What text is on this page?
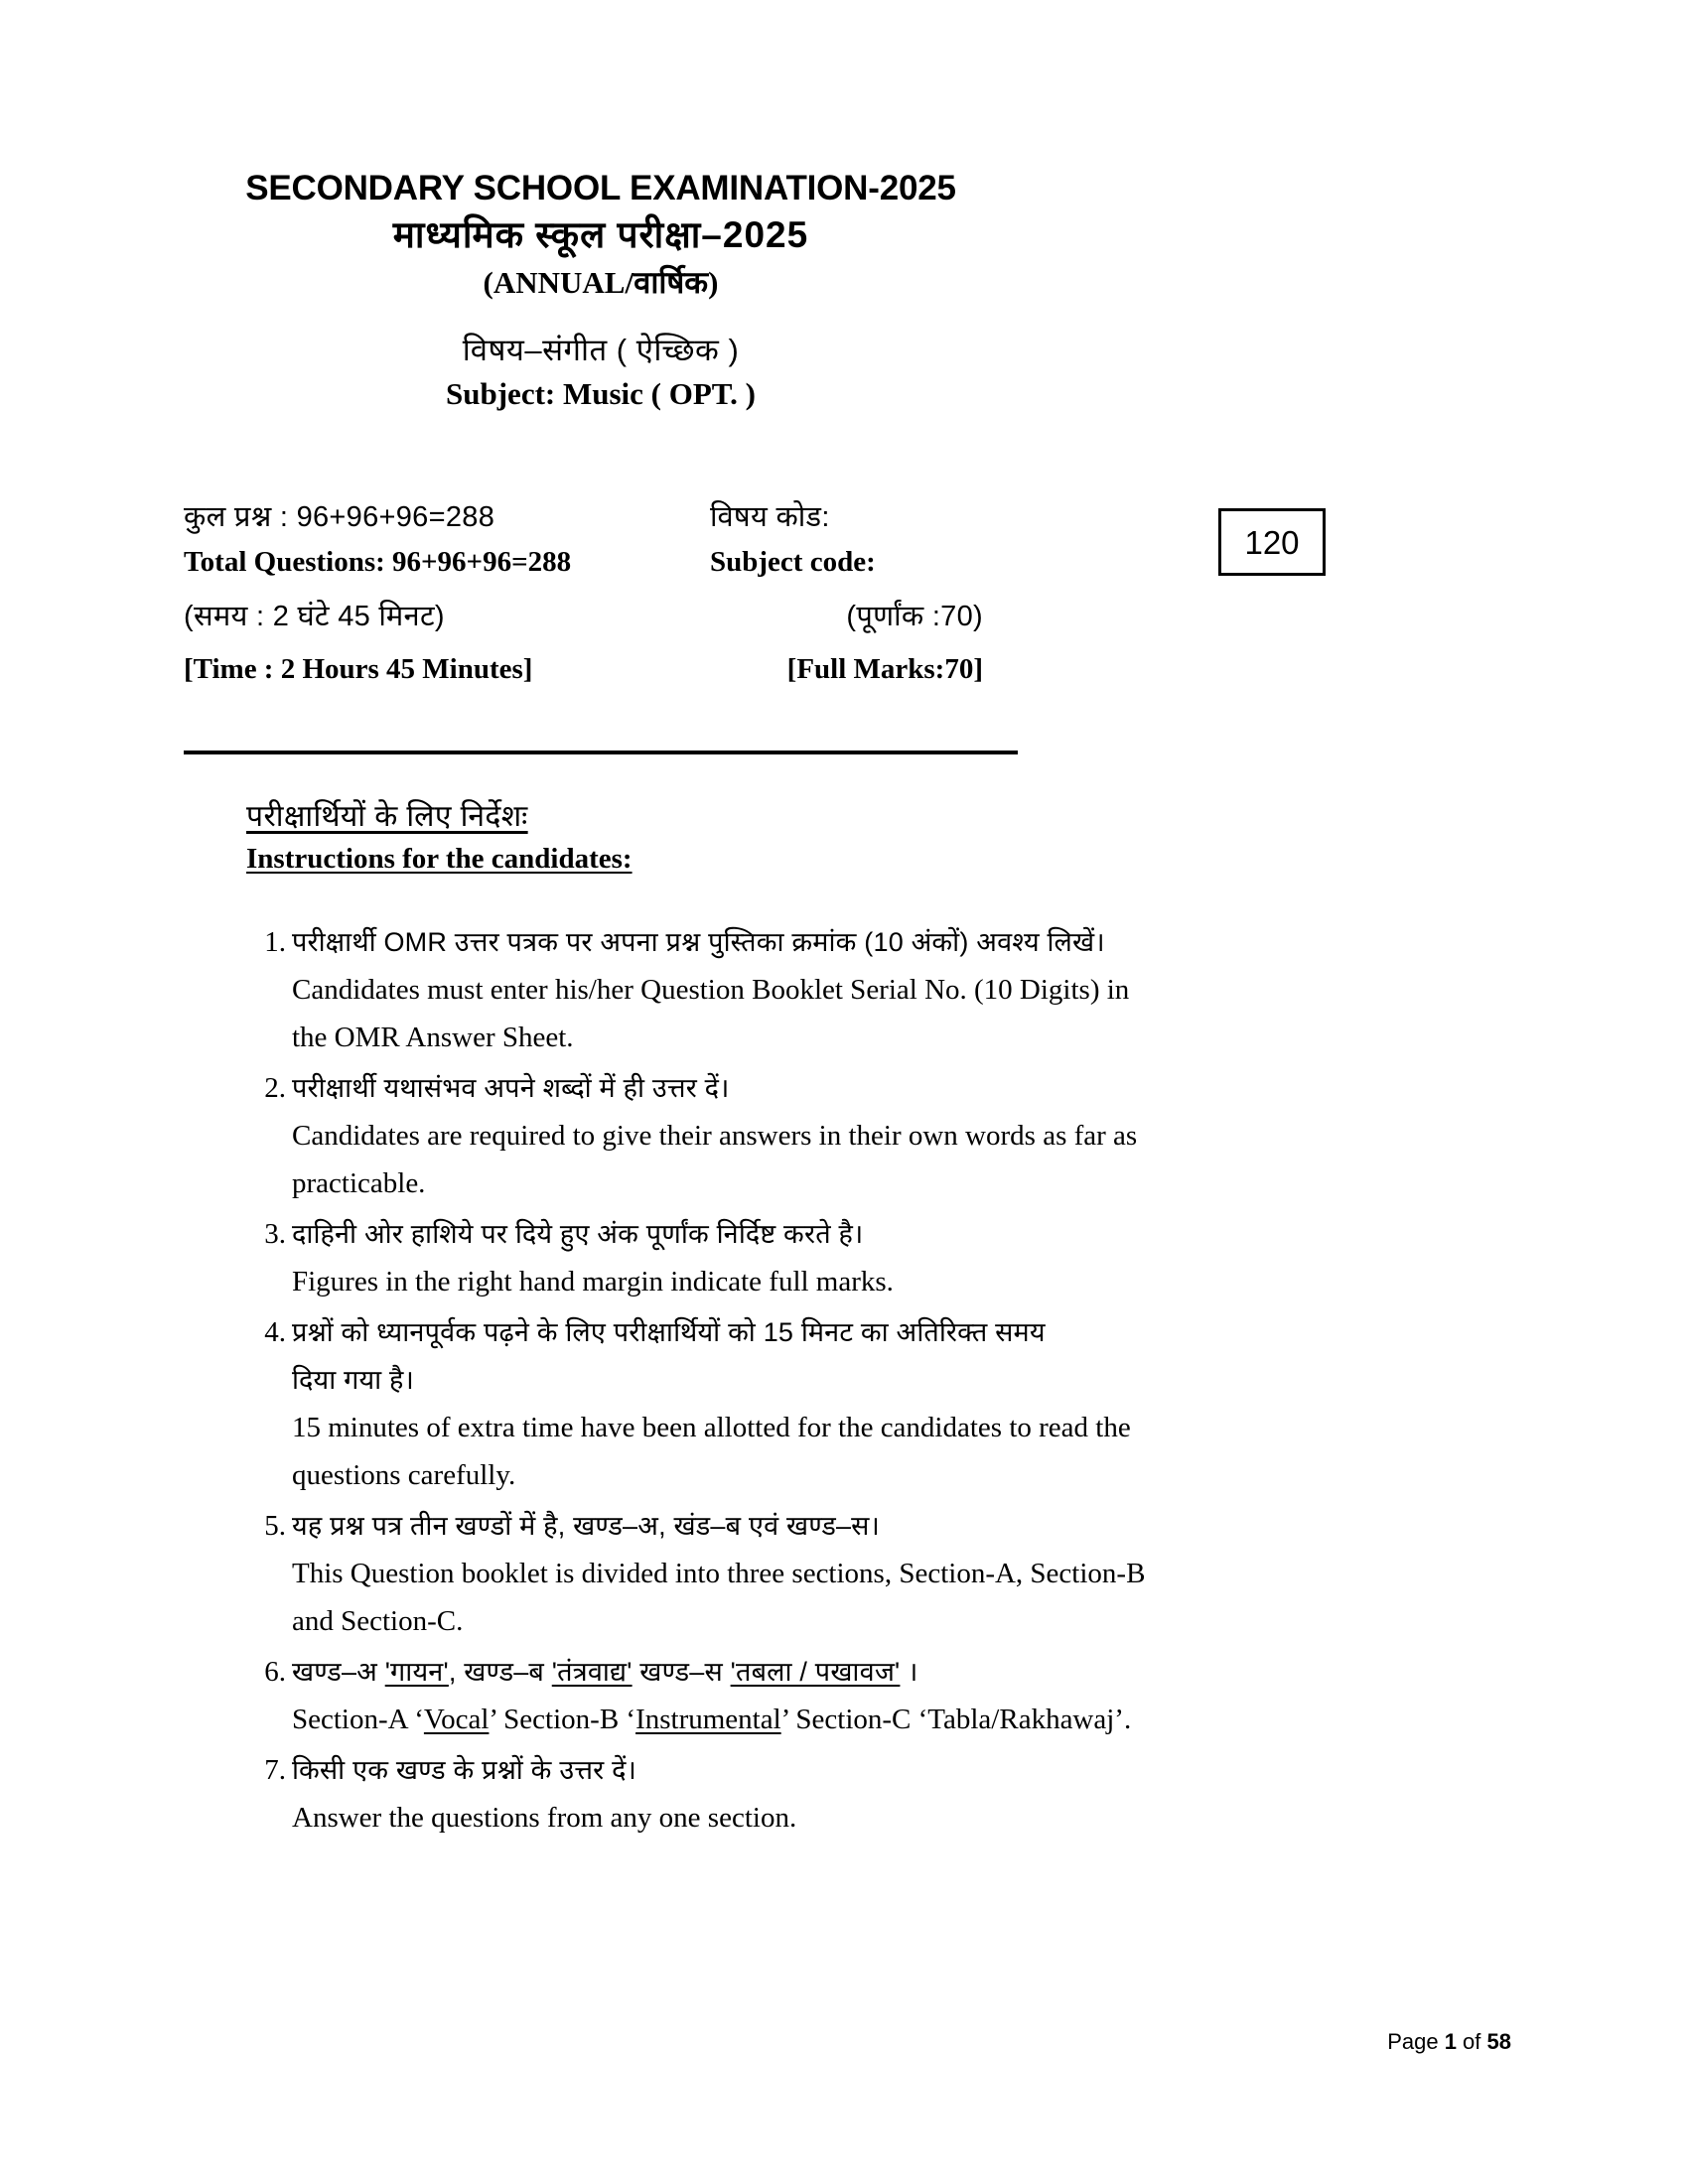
SECONDARY SCHOOL EXAMINATION-2025
माध्यमिक स्कूल परीक्षा–2025
(ANNUAL/वार्षिक)
विषय–संगीत ( ऐच्छिक )
Subject: Music ( OPT. )
कुल प्रश्न : 96+96+96=288	विषय कोड:
Total Questions: 96+96+96=288	Subject code:
(समय : 2 घंटे 45 मिनट)	(पूर्णांक :70)
[Time : 2 Hours 45 Minutes]	[Full Marks:70]
120
परीक्षार्थियों के लिए निर्देशः
Instructions for the candidates:
1. परीक्षार्थी OMR उत्तर पत्रक पर अपना प्रश्न पुस्तिका क्रमांक (10 अंकों) अवश्य लिखें।
Candidates must enter his/her Question Booklet Serial No. (10 Digits) in
the OMR Answer Sheet.
2. परीक्षार्थी यथासंभव अपने शब्दों में ही उत्तर दें।
Candidates are required to give their answers in their own words as far as
practicable.
3. दाहिनी ओर हाशिये पर दिये हुए अंक पूर्णांक निर्दिष्ट करते है।
Figures in the right hand margin indicate full marks.
4. प्रश्नों को ध्यानपूर्वक पढ़ने के लिए परीक्षार्थियों को 15 मिनट का अतिरिक्त समय
दिया गया है।
15 minutes of extra time have been allotted for the candidates to read the
questions carefully.
5. यह प्रश्न पत्र तीन खण्डों में है, खण्ड–अ, खंड–ब एवं खण्ड–स।
This Question booklet is divided into three sections, Section-A, Section-B
and Section-C.
6. खण्ड–अ 'गायन', खण्ड–ब 'तंत्रवाद्य' खण्ड–स 'तबला / पखावज' ।
Section-A ‘Vocal’ Section-B ‘Instrumental’ Section-C ‘Tabla/Rakhawaj’.
7. किसी एक खण्ड के प्रश्नों के उत्तर दें।
Answer the questions from any one section.
Page 1 of 58
